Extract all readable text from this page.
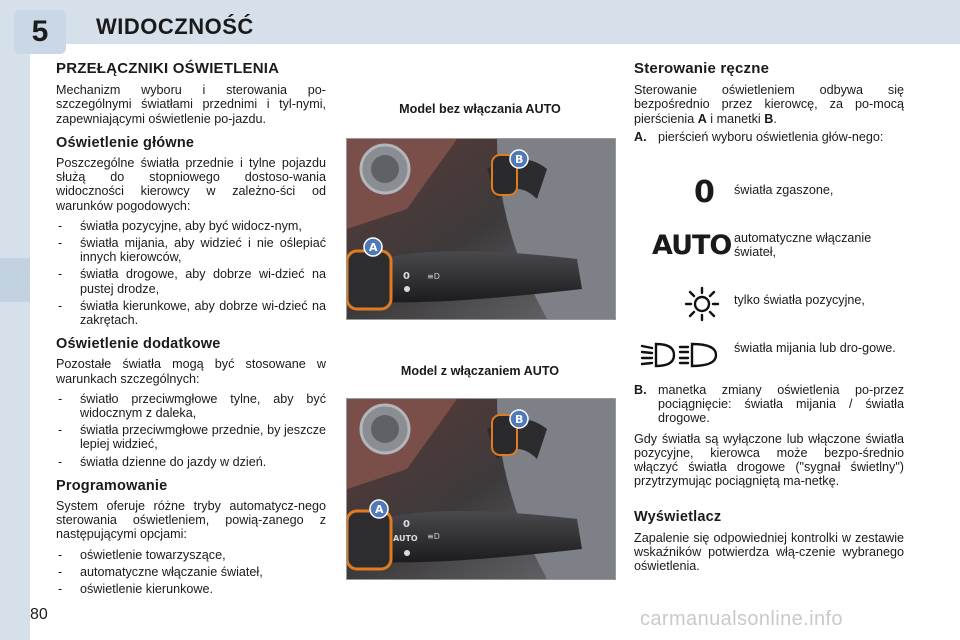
5	WIDOCZNOŚĆ
PRZEŁĄCZNIKI OŚWIETLENIA

Mechanizm wyboru i sterowania po-szczególnymi światłami przednimi i tyl-nymi, zapewniającymi oświetlenie po-jazdu.

Oświetlenie główne

Poszczególne światła przednie i tylne pojazdu służą do stopniowego dostoso-wania widoczności kierowcy w zależno-ści od warunków pogodowych:

- światła pozycyjne, aby być widocz-nym,
- światła mijania, aby widzieć i nie oślepiać innych kierowców,
- światła drogowe, aby dobrze wi-dzieć na pustej drodze,
- światła kierunkowe, aby dobrze wi-dzieć na zakrętach.
Oświetlenie dodatkowe

Pozostałe światła mogą być stosowane w warunkach szczególnych:

- światło przeciwmgłowe tylne, aby być widocznym z daleka,
- światła przeciwmgłowe przednie, by jeszcze lepiej widzieć,
- światła dzienne do jazdy w dzień.
Programowanie

System oferuje różne tryby automatycz-nego sterowania oświetleniem, powią-zanego z następującymi opcjami:

- oświetlenie towarzyszące,
- automatyczne włączanie świateł,
- oświetlenie kierunkowe.
Model bez włączania AUTO
0 ≡D
A
B
Model z włączaniem AUTO
0
AUTO ≡D
A
B
Sterowanie ręczne

Sterowanie oświetleniem odbywa się bezpośrednio przez kierowcę, za po-mocą pierścienia A i manetki B.

A. pierścień wyboru oświetlenia głów-nego:

0 światła zgaszone,
AUTO automatyczne włączanie świateł,
tylko światła pozycyjne,
światła mijania lub dro-gowe.

B. manetka zmiany oświetlenia po-przez pociągnięcie: światła mijania / światła drogowe.

Gdy światła są wyłączone lub włączone światła pozycyjne, kierowca może bezpo-średnio włączyć światła drogowe ("sygnał świetlny") przytrzymując pociągniętą ma-netkę.

Wyświetlacz

Zapalenie się odpowiedniej kontrolki w zestawie wskaźników potwierdza włą-czenie wybranego oświetlenia.

80	carmanualsonline.info
